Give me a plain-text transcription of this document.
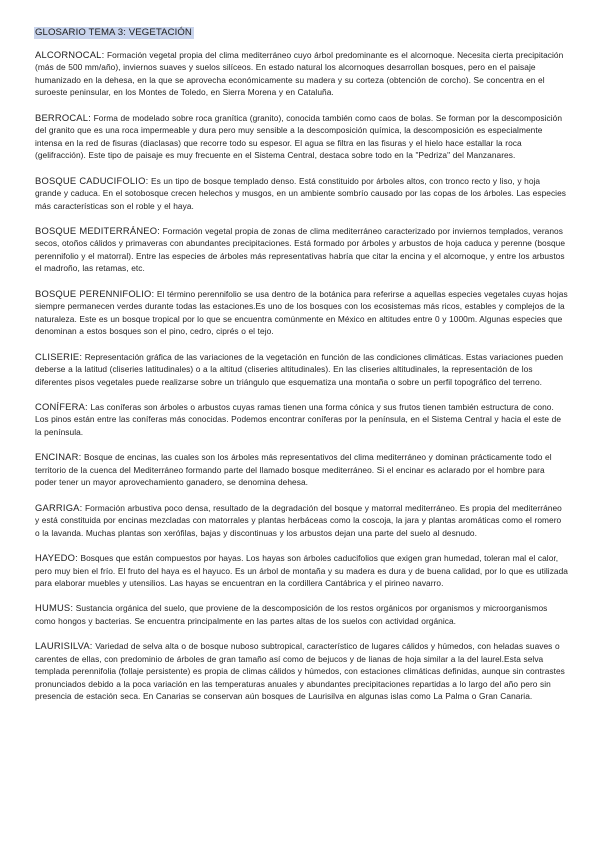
GLOSARIO TEMA 3: VEGETACIÓN
ALCORNOCAL: Formación vegetal propia del clima mediterráneo cuyo árbol predominante es el alcornoque. Necesita cierta precipitación (más de 500 mm/año), inviernos suaves y suelos silíceos. En estado natural los alcornoques desarrollan bosques, pero en el paisaje humanizado en la dehesa, en la que se aprovecha económicamente su madera y su corteza (obtención de corcho). Se concentra en el suroeste peninsular, en los Montes de Toledo, en Sierra Morena y en Cataluña.
BERROCAL: Forma de modelado sobre roca granítica (granito), conocida también como caos de bolas. Se forman por la descomposición del granito que es una roca impermeable y dura pero muy sensible a la descomposición química, la descomposición es especialmente intensa en la red de fisuras (diaclasas) que recorre todo su espesor. El agua se filtra en las fisuras y el hielo hace estallar la roca (gelifracción). Este tipo de paisaje es muy frecuente en el Sistema Central, destaca sobre todo en la "Pedriza" del Manzanares.
BOSQUE CADUCIFOLIO: Es un tipo de bosque templado denso. Está constituido por árboles altos, con tronco recto y liso, y hoja grande y caduca. En el sotobosque crecen helechos y musgos, en un ambiente sombrío causado por las copas de los árboles. Las especies más características son el roble y el haya.
BOSQUE MEDITERRÁNEO: Formación vegetal propia de zonas de clima mediterráneo caracterizado por inviernos templados, veranos secos, otoños cálidos y primaveras con abundantes precipitaciones. Está formado por árboles y arbustos de hoja caduca y perenne (bosque perennifolio y el matorral). Entre las especies de árboles más representativas habría que citar la encina y el alcornoque, y entre los arbustos el madroño, las retamas, etc.
BOSQUE PERENNIFOLIO: El término perennifolio se usa dentro de la botánica para referirse a aquellas especies vegetales cuyas hojas siempre permanecen verdes durante todas las estaciones.Es uno de los bosques con los ecosistemas más ricos, estables y complejos de la naturaleza. Este es un bosque tropical por lo que se encuentra comúnmente en México en altitudes entre 0 y 1000m. Algunas especies que denominan a estos bosques son el pino, cedro, ciprés o el tejo.
CLISERIE: Representación gráfica de las variaciones de la vegetación en función de las condiciones climáticas. Estas variaciones pueden deberse a la latitud (cliseries latitudinales) o a la altitud (cliseries altitudinales). En las cliseries altitudinales, la representación de los diferentes pisos vegetales puede realizarse sobre un triángulo que esquematiza una montaña o sobre un perfil topográfico del terreno.
CONÍFERA: Las coníferas son árboles o arbustos cuyas ramas tienen una forma cónica y sus frutos tienen también estructura de cono. Los pinos están entre las coníferas más conocidas. Podemos encontrar coníferas por la península, en el Sistema Central y hacia el este de la península.
ENCINAR: Bosque de encinas, las cuales son los árboles más representativos del clima mediterráneo y dominan prácticamente todo el territorio de la cuenca del Mediterráneo formando parte del llamado bosque mediterráneo. Si el encinar es aclarado por el hombre para poder tener un mayor aprovechamiento ganadero, se denomina dehesa.
GARRIGA: Formación arbustiva poco densa, resultado de la degradación del bosque y matorral mediterráneo. Es propia del mediterráneo y está constituida por encinas mezcladas con matorrales y plantas herbáceas como la coscoja, la jara y plantas aromáticas como el romero o la lavanda. Muchas plantas son xerófilas, bajas y discontinuas y los arbustos dejan una parte del suelo al desnudo.
HAYEDO: Bosques que están compuestos por hayas. Los hayas son árboles caducifolios que exigen gran humedad, toleran mal el calor, pero muy bien el frío. El fruto del haya es el hayuco. Es un árbol de montaña y su madera es dura y de buena calidad, por lo que es utilizada para elaborar muebles y utensilios. Las hayas se encuentran en la cordillera Cantábrica y el pirineo navarro.
HUMUS: Sustancia orgánica del suelo, que proviene de la descomposición de los restos orgánicos por organismos y microorganismos como hongos y bacterias. Se encuentra principalmente en las partes altas de los suelos con actividad orgánica.
LAURISILVA: Variedad de selva alta o de bosque nuboso subtropical, característico de lugares cálidos y húmedos, con heladas suaves o carentes de ellas, con predominio de árboles de gran tamaño así como de bejucos y de lianas de hoja similar a la del laurel.Esta selva templada perennifolia (follaje persistente) es propia de climas cálidos y húmedos, con estaciones climáticas definidas, aunque sin contrastes pronunciados debido a la poca variación en las temperaturas anuales y abundantes precipitaciones repartidas a lo largo del año pero sin presencia de estación seca. En Canarias se conservan aún bosques de Laurisilva en algunas islas como La Palma o Gran Canaria.
